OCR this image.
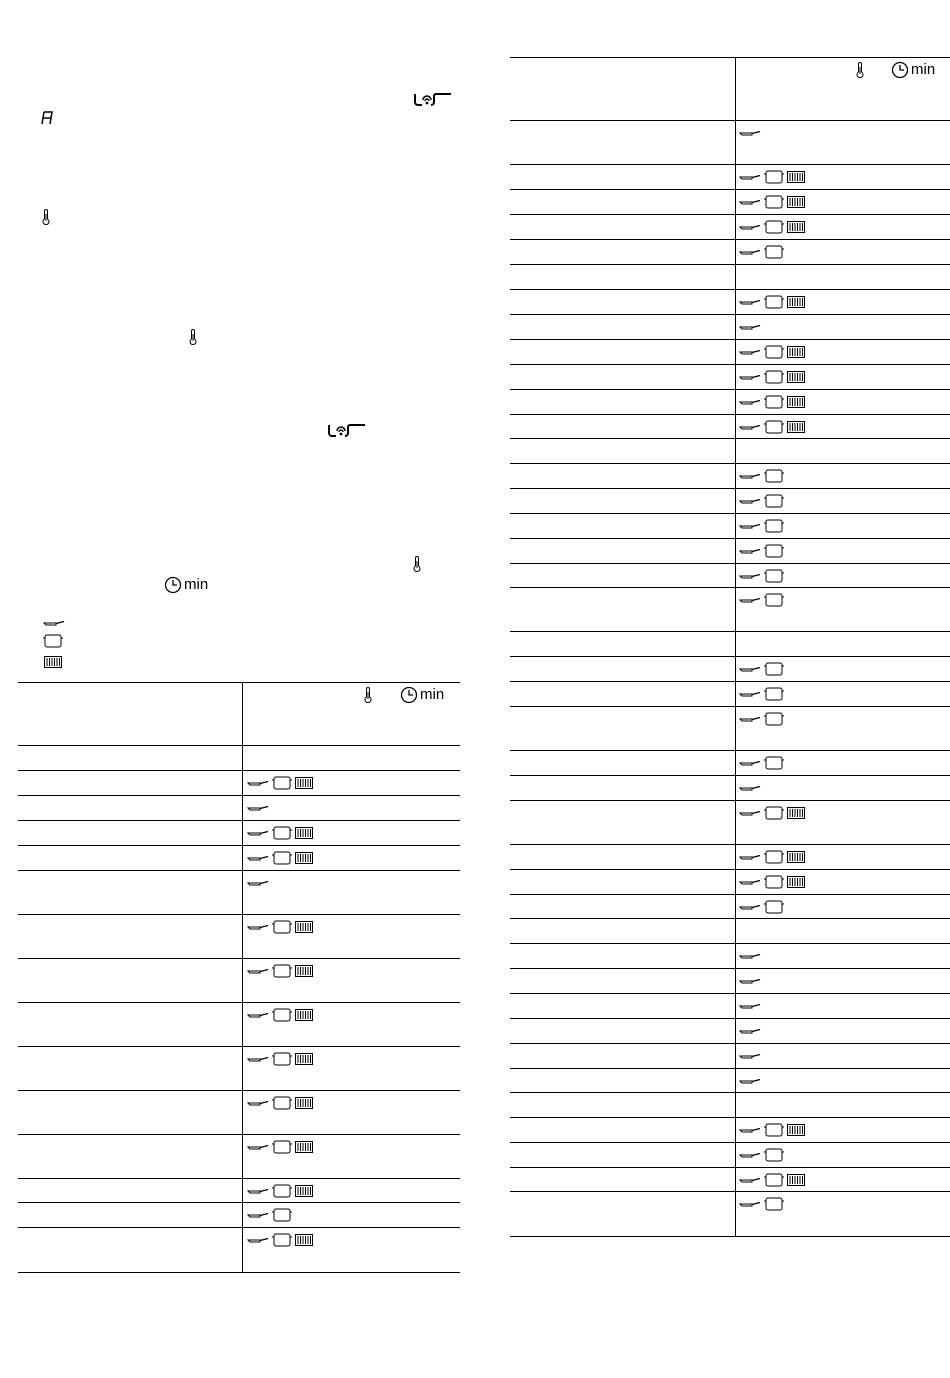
min
min
min
